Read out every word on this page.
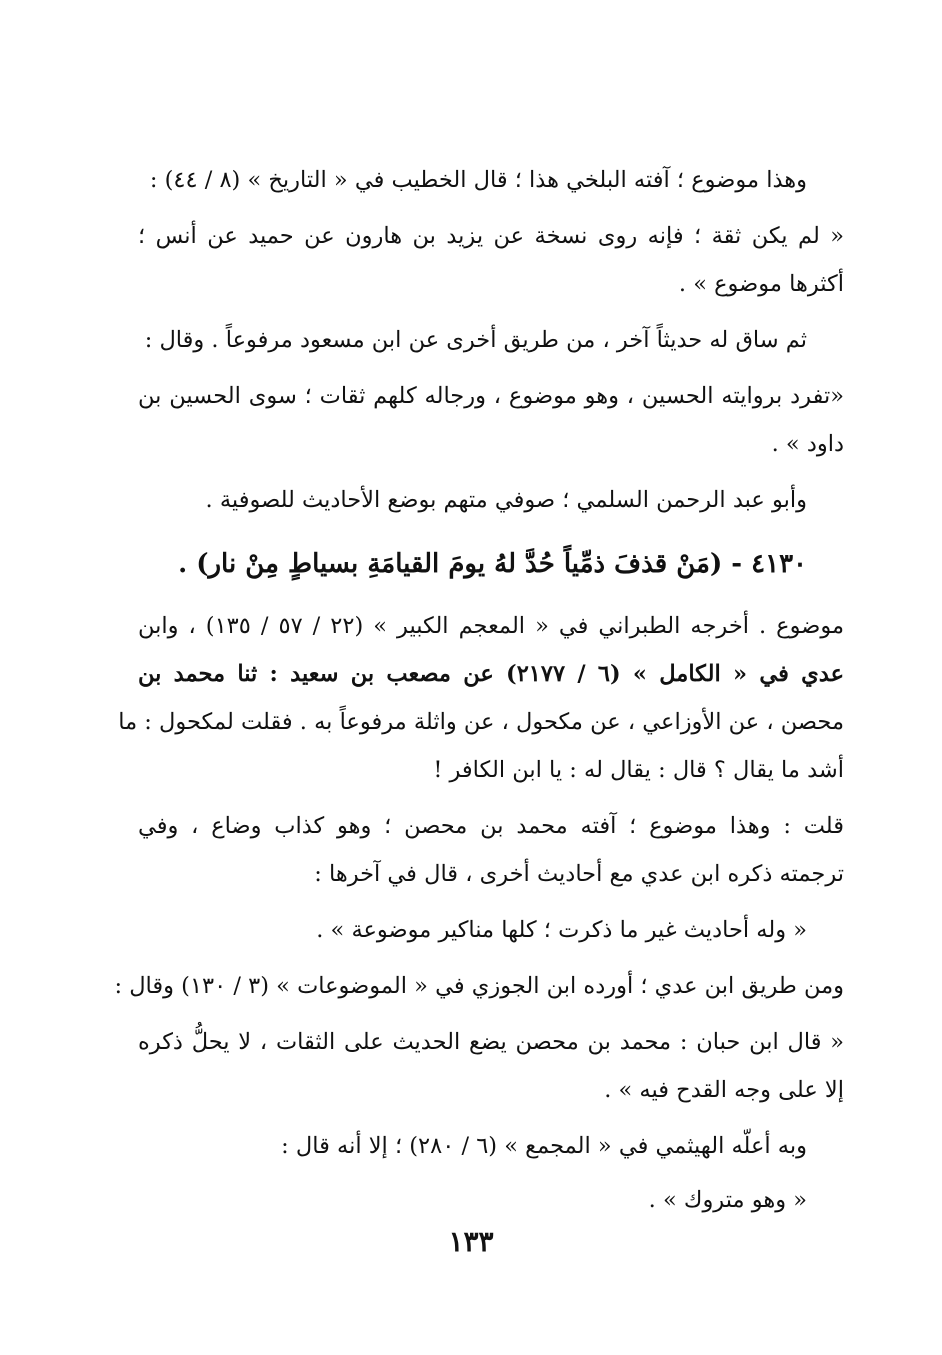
وهذا موضوع ؛ آفته البلخي هذا ؛ قال الخطيب في « التاريخ » (٨ / ٤٤) :

« لم يكن ثقة ؛ فإنه روى نسخة عن يزيد بن هارون عن حميد عن أنس ؛

أكثرها موضوع » .

ثم ساق له حديثاً آخر ، من طريق أخرى عن ابن مسعود مرفوعاً . وقال :

«تفرد بروايته الحسين ، وهو موضوع ، ورجاله كلهم ثقات ؛ سوى الحسين بن

داود » .

وأبو عبد الرحمن السلمي ؛ صوفي متهم بوضع الأحاديث للصوفية .

٤١٣٠ - (مَنْ قذفَ ذمِّياً حُدَّ لهُ يومَ القيامَةِ بسياطٍ مِنْ نار) .

موضوع . أخرجه الطبراني في « المعجم الكبير » (٢٢ / ٥٧ / ١٣٥) ، وابن

عدي في « الكامل » (٦ / ٢١٧٧) عن مصعب بن سعيد : ثنا محمد بن

محصن ، عن الأوزاعي ، عن مكحول ، عن واثلة مرفوعاً به . فقلت لمكحول : ما

أشد ما يقال ؟ قال : يقال له : يا ابن الكافر !

قلت : وهذا موضوع ؛ آفته محمد بن محصن ؛ وهو كذاب وضاع ، وفي

ترجمته ذكره ابن عدي مع أحاديث أخرى ، قال في آخرها :

« وله أحاديث غير ما ذكرت ؛ كلها مناكير موضوعة » .

ومن طريق ابن عدي ؛ أورده ابن الجوزي في « الموضوعات » (٣ / ١٣٠) وقال :

« قال ابن حبان : محمد بن محصن يضع الحديث على الثقات ، لا يحلُّ ذكره

إلا على وجه القدح فيه » .

وبه أعلّه الهيثمي في « المجمع » (٦ / ٢٨٠) ؛ إلا أنه قال :

« وهو متروك » .

١٣٣
